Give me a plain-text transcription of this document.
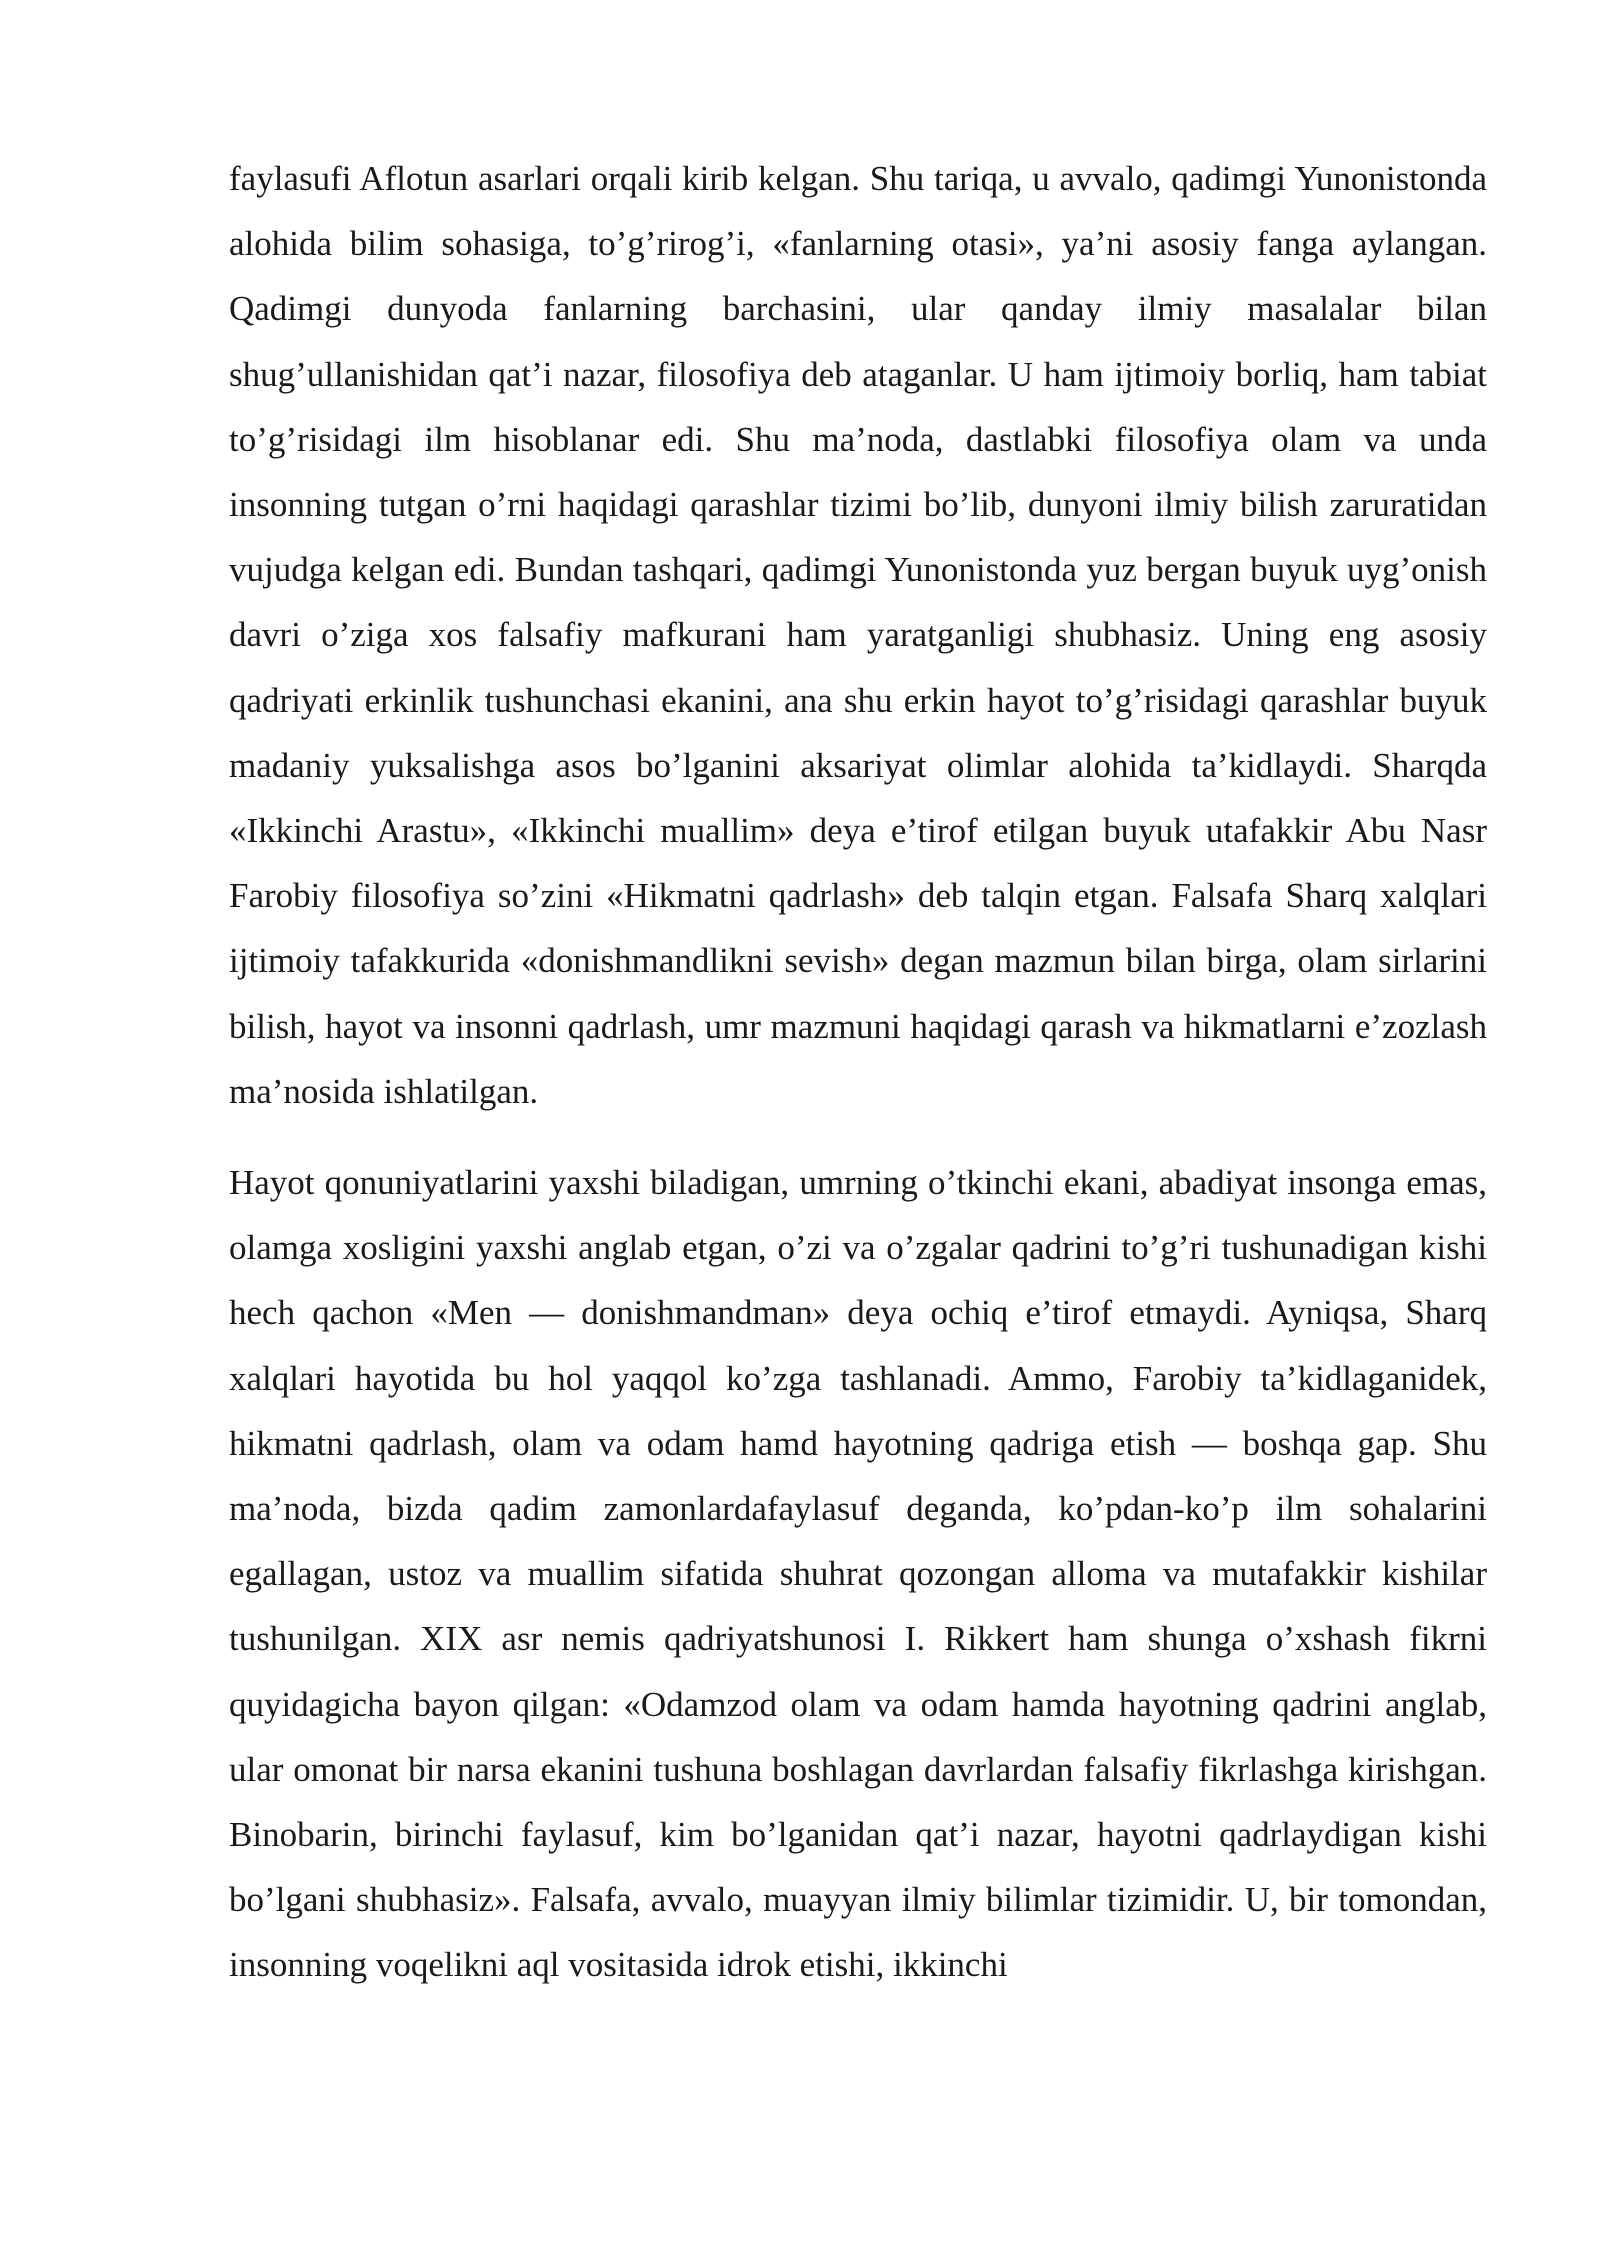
faylasufi Aflotun asarlari orqali kirib kelgan. Shu tariqa, u avvalo, qadimgi Yunonistonda alohida bilim sohasiga, to’g’rirog’i, «fanlarning otasi», ya’ni asosiy fanga aylangan. Qadimgi dunyoda fanlarning barchasini, ular qanday ilmiy masalalar bilan shug’ullanishidan qat’i nazar, filosofiya deb ataganlar. U ham ijtimoiy borliq, ham tabiat to’g’risidagi ilm hisoblanar edi. Shu ma’noda, dastlabki filosofiya olam va unda insonning tutgan o’rni haqidagi qarashlar tizimi bo’lib, dunyoni ilmiy bilish zaruratidan vujudga kelgan edi. Bundan tashqari, qadimgi Yunonistonda yuz bergan buyuk uyg’onish davri o’ziga xos falsafiy mafkurani ham yaratganligi shubhasiz. Uning eng asosiy qadriyati erkinlik tushunchasi ekanini, ana shu erkin hayot to’g’risidagi qarashlar buyuk madaniy yuksalishga asos bo’lganini aksariyat olimlar alohida ta’kidlaydi. Sharqda «Ikkinchi Arastu», «Ikkinchi muallim» deya e’tirof etilgan buyuk utafakkir Abu Nasr Farobiy filosofiya so’zini «Hikmatni qadrlash» deb talqin etgan. Falsafa Sharq xalqlari ijtimoiy tafakkurida «donishmandlikni sevish» degan mazmun bilan birga, olam sirlarini bilish, hayot va insonni qadrlash, umr mazmuni haqidagi qarash va hikmatlarni e’zozlash ma’nosida ishlatilgan.

Hayot qonuniyatlarini yaxshi biladigan, umrning o’tkinchi ekani, abadiyat insonga emas, olamga xosligini yaxshi anglab etgan, o’zi va o’zgalar qadrini to’g’ri tushunadigan kishi hech qachon «Men — donishmandman» deya ochiq e’tirof etmaydi. Ayniqsa, Sharq xalqlari hayotida bu hol yaqqol ko’zga tashlanadi. Ammo, Farobiy ta’kidlaganidek, hikmatni qadrlash, olam va odam hamd hayotning qadriga etish — boshqa gap. Shu ma’noda, bizda qadim zamonlardafaylasuf deganda, ko’pdan-ko’p ilm sohalarini egallagan, ustoz va muallim sifatida shuhrat qozongan alloma va mutafakkir kishilar tushunilgan. XIX asr nemis qadriyatshunosi I. Rikkert ham shunga o’xshash fikrni quyidagicha bayon qilgan: «Odamzod olam va odam hamda hayotning qadrini anglab, ular omonat bir narsa ekanini tushuna boshlagan davrlardan falsafiy fikrlashga kirishgan. Binobarin, birinchi faylasuf, kim bo’lganidan qat’i nazar, hayotni qadrlaydigan kishi bo’lgani shubhasiz». Falsafa, avvalo, muayyan ilmiy bilimlar tizimidir. U, bir tomondan, insonning voqelikni aql vositasida idrok etishi, ikkinchi
